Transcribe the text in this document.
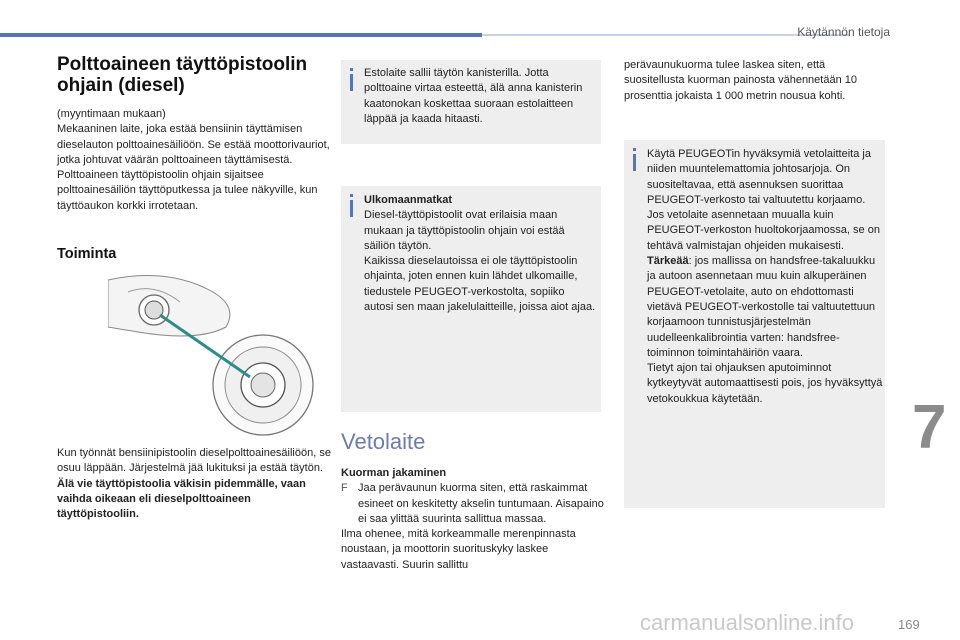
Käytännön tietoja
Polttoaineen täyttöpistoolin ohjain (diesel)

(myyntimaan mukaan)

Mekaaninen laite, joka estää bensiinin täyttämisen dieselauton polttoainesäiliöön. Se estää moottorivauriot, jotka johtuvat väärän polttoaineen täyttämisestä.

Polttoaineen täyttöpistoolin ohjain sijaitsee polttoainesäiliön täyttöputkessa ja tulee näkyville, kun täyttöaukon korkki irrotetaan.

Toiminta

Kun työnnät bensiinipistoolin dieselpolttoainesäiliöön, se osuu läppään. Järjestelmä jää lukituksi ja estää täytön.

Älä vie täyttöpistoolia väkisin pidemmälle, vaan vaihda oikeaan eli dieselpolttoaineen täyttöpistooliin.

Estolaite sallii täytön kanisterilla. Jotta polttoaine virtaa esteettä, älä anna kanisterin kaatonokan koskettaa suoraan estolaitteen läppää ja kaada hitaasti.

Ulkomaanmatkat

Diesel-täyttöpistoolit ovat erilaisia maan mukaan ja täyttöpistoolin ohjain voi estää säiliön täytön.

Kaikissa dieselautoissa ei ole täyttöpistoolin ohjainta, joten ennen kuin lähdet ulkomaille, tiedustele PEUGEOT-verkostolta, sopiiko autosi sen maan jakelulaitteille, joissa aiot ajaa.

Vetolaite

Kuorman jakaminen

F Jaa perävaunun kuorma siten, että raskaimmat esineet on keskitetty akselin tuntumaan. Aisapaino ei saa ylittää suurinta sallittua massaa.

Ilma ohenee, mitä korkeammalle merenpinnasta noustaan, ja moottorin suorituskyky laskee vastaavasti. Suurin sallittu

perävaunukuorma tulee laskea siten, että suositellusta kuorman painosta vähennetään 10 prosenttia jokaista 1 000 metrin nousua kohti.

Käytä PEUGEOTin hyväksymiä vetolaitteita ja niiden muuntelemattomia johtosarjoja. On suositeltavaa, että asennuksen suorittaa PEUGEOT-verkosto tai valtuutettu korjaamo.

Jos vetolaite asennetaan muualla kuin PEUGEOT-verkoston huoltokorjaamossa, se on tehtävä valmistajan ohjeiden mukaisesti.

Tärkeää: jos mallissa on handsfree-takaluukku ja autoon asennetaan muu kuin alkuperäinen PEUGEOT-vetolaite, auto on ehdottomasti vietävä PEUGEOT-verkostolle tai valtuutettuun korjaamoon tunnistusjärjestelmän uudelleenkalibrointia varten: handsfree-toiminnon toimintahäiriön vaara.

Tietyt ajon tai ohjauksen aputoiminnot kytkeytyvät automaattisesti pois, jos hyväksyttyä vetokoukkua käytetään.	7
carmanualsonline.info	169
